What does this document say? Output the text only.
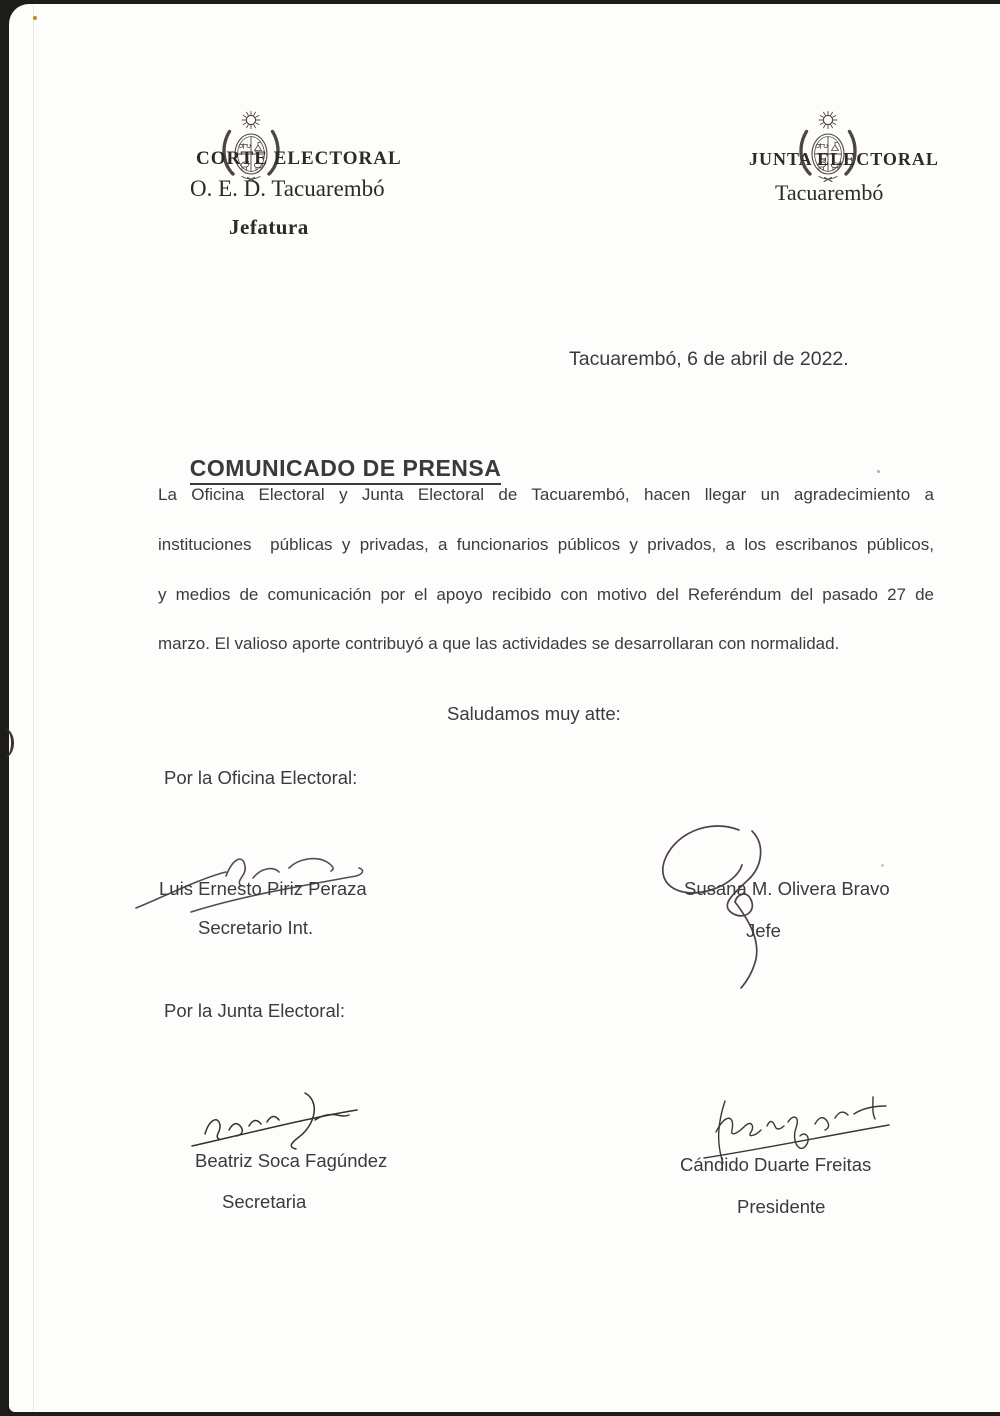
CORTE ELECTORAL
O. E. D. Tacuarembó
Jefatura

JUNTA ELECTORAL
Tacuarembó
Tacuarembó, 6 de abril de 2022.

COMUNICADO DE PRENSA

La Oficina Electoral y Junta Electoral de Tacuarembó, hacen llegar un agradecimiento a
instituciones  públicas y privadas, a funcionarios públicos y privados, a los escribanos públicos,
y medios de comunicación por el apoyo recibido con motivo del Referéndum del pasado 27 de
marzo. El valioso aporte contribuyó a que las actividades se desarrollaran con normalidad.
Saludamos muy atte:
Por la Oficina Electoral:

Luis Ernesto Piriz Peraza
Secretario Int.

Susana M. Olivera Bravo
Jefe
Por la Junta Electoral:

Beatriz Soca Fagúndez
Secretaria

Cándido Duarte Freitas
Presidente
